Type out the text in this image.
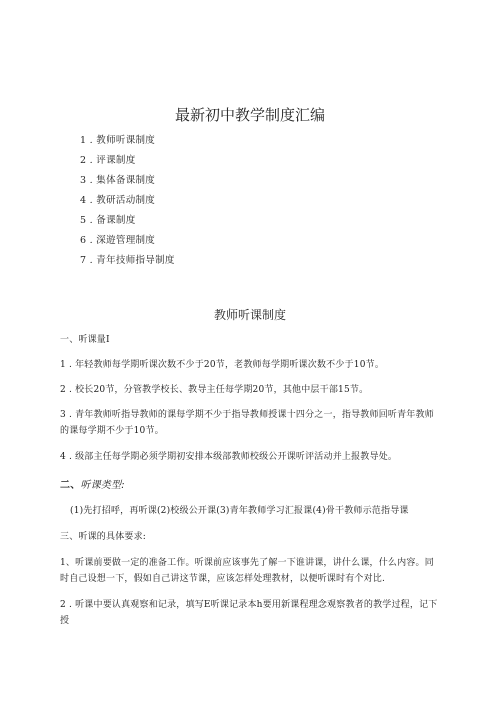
最新初中教学制度汇编
1 . 教师听课制度
2 . 评课制度
3 . 集体备课制度
4 . 教研活动制度
5 . 备课制度
6 . 深遊管理制度
7 . 青年技师指导制度
教师听课制度
一、听课量I
1 . 年轻教师每学期听课次数不少于20节，老教师每学期听课次数不少于10节。
2 . 校长20节，分管教学校长、教导主任每学期20节，其他中层干部15节。
3 . 青年教师听指导教师的课每学期不少于指导教师授课十四分之一，指导教师回听青年教师的课每学期不少于10节。
4 . 级部主任每学期必须学期初安排本级部教师校级公开课听评活动并上报教导处。
二、听课类型:
(1)先打招呼，再听课(2)校级公开课(3)青年教师学习汇报课(4)骨干教师示范指导课
三、听课的具体要求:
1、听课前要做一定的准备工作。听课前应该事先了解一下谁讲课，讲什么课，什么内容。同时自己设想一下，假如自己讲这节课，应该怎样处理教材，以便听课时有个对比.
2 . 听课中要认真观察和记录，填写E听课记录本h要用新课程理念观察教者的教学过程，记下授
